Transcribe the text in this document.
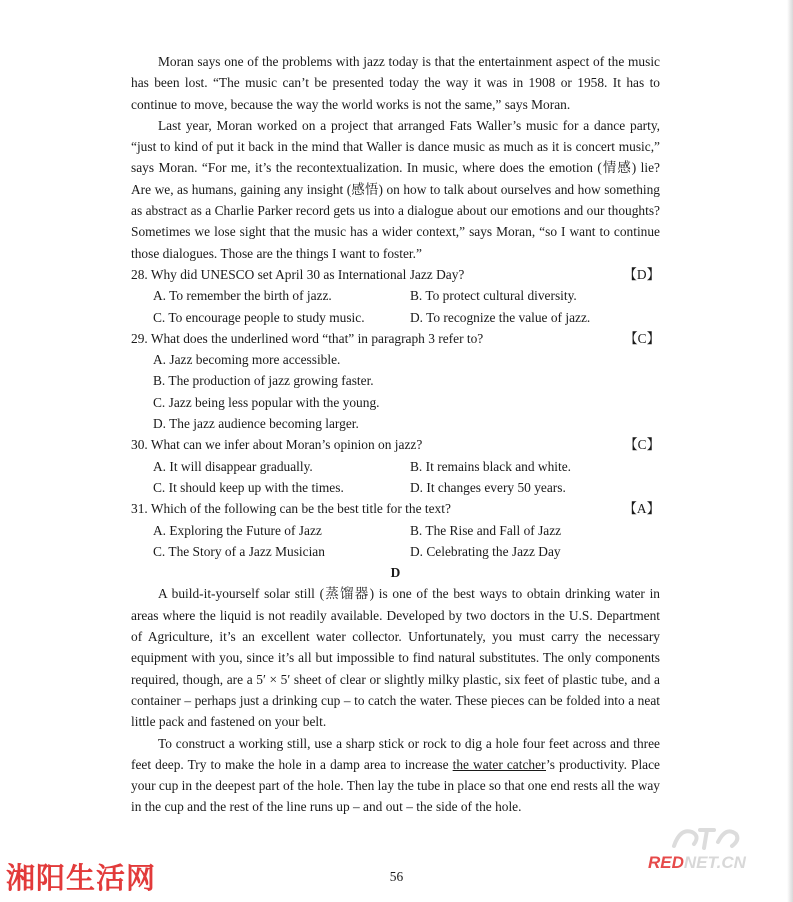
Moran says one of the problems with jazz today is that the entertainment aspect of the music has been lost. “The music can’t be presented today the way it was in 1908 or 1958. It has to continue to move, because the way the world works is not the same,” says Moran.

Last year, Moran worked on a project that arranged Fats Waller’s music for a dance party, “just to kind of put it back in the mind that Waller is dance music as much as it is concert music,” says Moran. “For me, it’s the recontextualization. In music, where does the emotion (情感) lie? Are we, as humans, gaining any insight (感悟) on how to talk about ourselves and how something as abstract as a Charlie Parker record gets us into a dialogue about our emotions and our thoughts? Sometimes we lose sight that the music has a wider context,” says Moran, “so I want to continue those dialogues. Those are the things I want to foster.”

28. Why did UNESCO set April 30 as International Jazz Day?	【D】
A. To remember the birth of jazz.	B. To protect cultural diversity.
C. To encourage people to study music.	D. To recognize the value of jazz.
29. What does the underlined word “that” in paragraph 3 refer to?	【C】

A. Jazz becoming more accessible.

B. The production of jazz growing faster.

C. Jazz being less popular with the young.

D. The jazz audience becoming larger.

30. What can we infer about Moran’s opinion on jazz?	【C】
A. It will disappear gradually.	B. It remains black and white.
C. It should keep up with the times.	D. It changes every 50 years.
31. Which of the following can be the best title for the text?	【A】
A. Exploring the Future of Jazz	B. The Rise and Fall of Jazz
C. The Story of a Jazz Musician	D. Celebrating the Jazz Day

D

A build-it-yourself solar still (蒸馏器) is one of the best ways to obtain drinking water in areas where the liquid is not readily available. Developed by two doctors in the U.S. Department of Agriculture, it’s an excellent water collector. Unfortunately, you must carry the necessary equipment with you, since it’s all but impossible to find natural substitutes. The only components required, though, are a 5′ × 5′ sheet of clear or slightly milky plastic, six feet of plastic tube, and a container – perhaps just a drinking cup – to catch the water. These pieces can be folded into a neat little pack and fastened on your belt.

To construct a working still, use a sharp stick or rock to dig a hole four feet across and three feet deep. Try to make the hole in a damp area to increase the water catcher’s productivity. Place your cup in the deepest part of the hole. Then lay the tube in place so that one end rests all the way in the cup and the rest of the line runs up – and out – the side of the hole.

湘阳生活网	REDNET.CN
56
